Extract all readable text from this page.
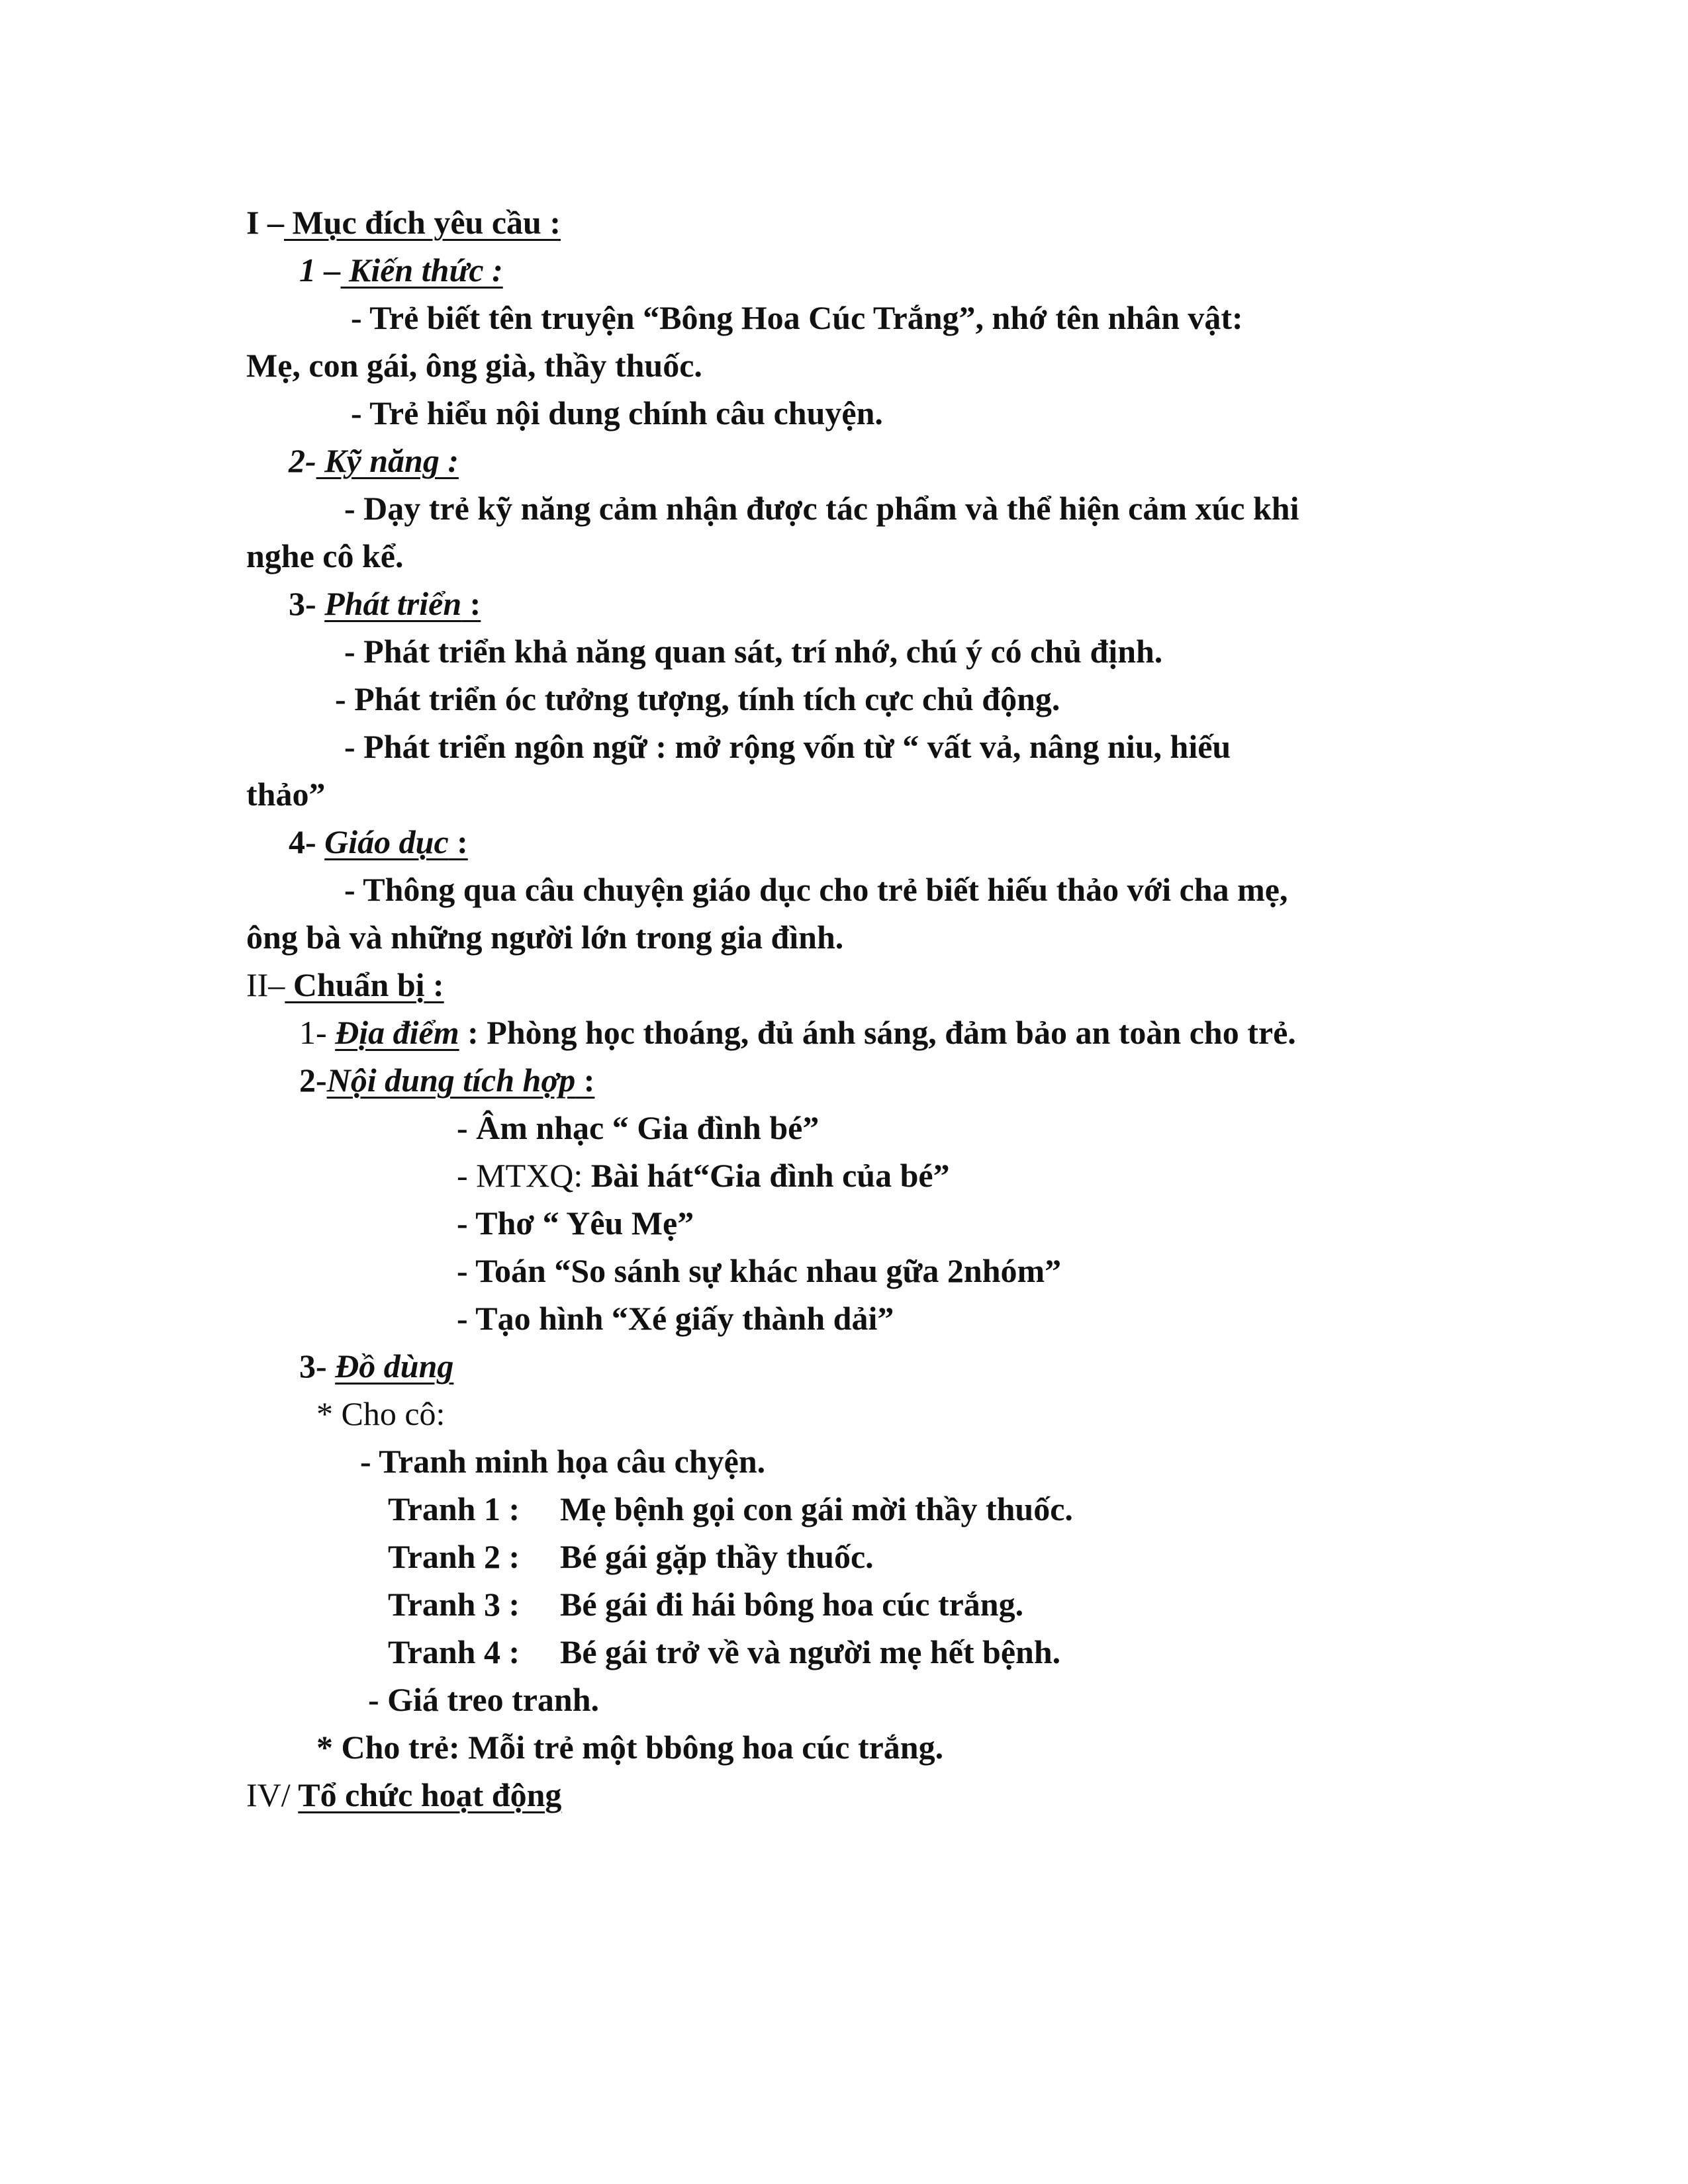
I – Mục đích yêu cầu :
1 – Kiến thức :
- Trẻ biết tên truyện “Bông Hoa Cúc Trắng”, nhớ tên nhân vật:
Mẹ, con gái, ông già, thầy thuốc.
- Trẻ hiểu nội dung chính câu chuyện.
2- Kỹ năng :
- Dạy trẻ kỹ năng cảm nhận được tác phẩm và thể hiện cảm xúc khi
nghe cô kể.
3- Phát triển :
- Phát triển khả năng quan sát, trí nhớ, chú ý có chủ định.
- Phát triển óc tưởng tượng, tính tích cực chủ động.
- Phát triển ngôn ngữ : mở rộng vốn từ “ vất vả, nâng niu, hiếu
thảo”
4- Giáo dục :
- Thông qua câu chuyện giáo dục cho trẻ biết hiếu thảo với cha mẹ,
ông bà và những người lớn trong gia đình.
II– Chuẩn bị :
1- Địa điểm : Phòng học thoáng, đủ ánh sáng, đảm bảo an toàn cho trẻ.
2-Nội dung tích hợp :
- Âm nhạc “ Gia đình bé”
- MTXQ: Bài hát“Gia đình của bé”
- Thơ “ Yêu Mẹ”
- Toán “So sánh sự khác nhau gữa 2nhóm”
- Tạo hình “Xé giấy thành dải”
3- Đồ dùng
* Cho cô:
- Tranh minh họa câu chyện.
Tranh 1 : Mẹ bệnh gọi con gái mời thầy thuốc.
Tranh 2 : Bé gái gặp thầy thuốc.
Tranh 3 : Bé gái đi hái bông hoa cúc trắng.
Tranh 4 : Bé gái trở về và người mẹ hết bệnh.
- Giá treo tranh.
* Cho trẻ: Mỗi trẻ một bbông hoa cúc trắng.
IV/ Tổ chức hoạt động
